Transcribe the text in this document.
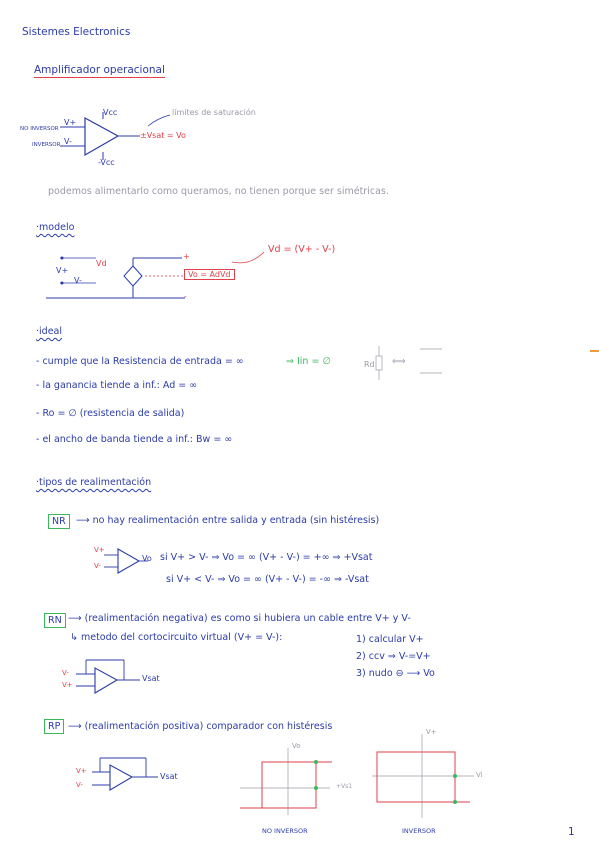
Sistemes Electronics
Amplificador operacional
Vcc
-Vcc
V+
V-
NO INVERSOR
INVERSOR
límites de saturación
±Vsat = Vo
podemos alimentarlo como queramos, no tienen porque ser simétricas.
·modelo
Vd
V+
V-
+
-
Vd = (V+ - V-)
Vo = AdVd
·ideal
- cumple que la Resistencia de entrada = ∞	⇒ Iin = ∅	Rd ⟺
- la ganancia tiende a inf.: Ad = ∞
- Ro = ∅ (resistencia de salida)
- el ancho de banda tiende a inf.: Bw = ∞
·tipos de realimentación
NR	⟶ no hay realimentación entre salida y entrada (sin histéresis)
V+
V-
Vo si V+ > V- ⇒ Vo = ∞ (V+ - V-) = +∞ ⇒ +Vsat
si V+ < V- ⇒ Vo = ∞ (V+ - V-) = -∞ ⇒ -Vsat
RN ⟶ (realimentación negativa) es como si hubiera un cable entre V+ y V-
↳ metodo del cortocircuito virtual (V+ = V-):	1) calcular V+
2) ccv ⇒ V-=V+
3) nudo ⊖ ⟶ Vo
V-
V+
Vsat
RP ⟶ (realimentación positiva) comparador con histéresis
V+
V-
Vsat
Vo
+Vs1
V+
Vi
NO INVERSOR	INVERSOR	1
